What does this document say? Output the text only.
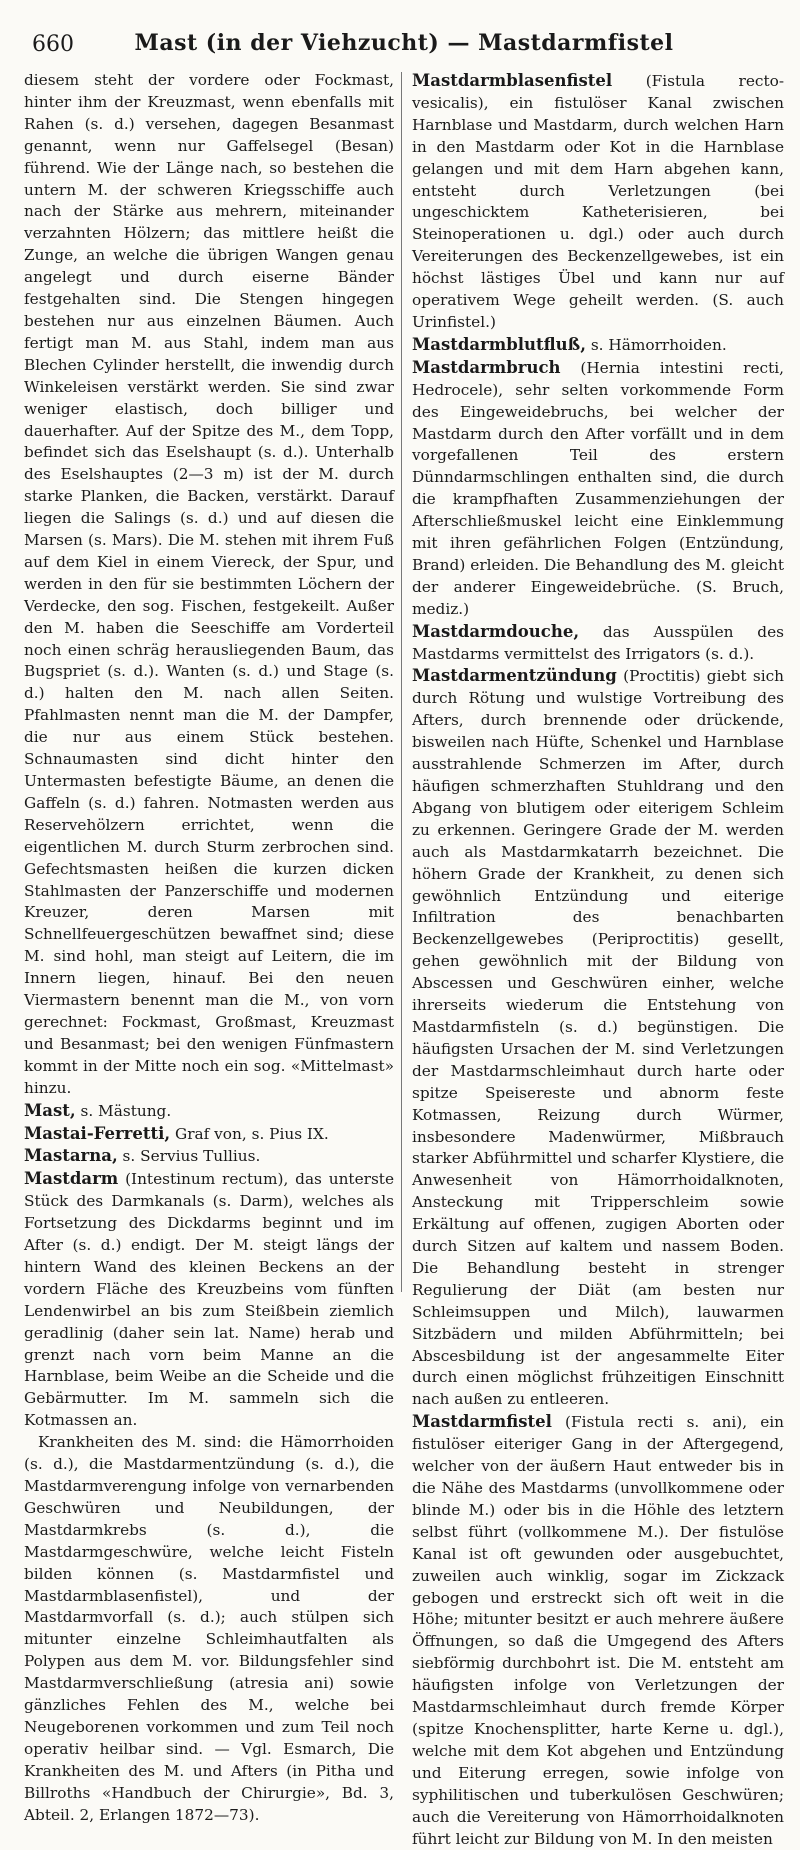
660	Mast (in der Viehzucht) — Mastdarmfistel

diesem steht der vordere oder Fockmast, hinter ihm der Kreuzmast, wenn ebenfalls mit Rahen (s. d.) versehen, dagegen Besanmast genannt, wenn nur Gaffelsegel (Besan) führend. Wie der Länge nach, so bestehen die untern M. der schweren Kriegsschiffe auch nach der Stärke aus mehrern, miteinander verzahnten Hölzern; das mittlere heißt die Zunge, an welche die übrigen Wangen genau angelegt und durch eiserne Bänder festgehalten sind. Die Stengen hingegen bestehen nur aus einzelnen Bäumen. Auch fertigt man M. aus Stahl, indem man aus Blechen Cylinder herstellt, die inwendig durch Winkeleisen verstärkt werden. Sie sind zwar weniger elastisch, doch billiger und dauerhafter. Auf der Spitze des M., dem Topp, befindet sich das Eselshaupt (s. d.). Unterhalb des Eselshauptes (2—3 m) ist der M. durch starke Planken, die Backen, verstärkt. Darauf liegen die Salings (s. d.) und auf diesen die Marsen (s. Mars). Die M. stehen mit ihrem Fuß auf dem Kiel in einem Viereck, der Spur, und werden in den für sie bestimmten Löchern der Verdecke, den sog. Fischen, festgekeilt. Außer den M. haben die Seeschiffe am Vorderteil noch einen schräg herausliegenden Baum, das Bugspriet (s. d.). Wanten (s. d.) und Stage (s. d.) halten den M. nach allen Seiten. Pfahlmasten nennt man die M. der Dampfer, die nur aus einem Stück bestehen. Schnaumasten sind dicht hinter den Untermasten befestigte Bäume, an denen die Gaffeln (s. d.) fahren. Notmasten werden aus Reservehölzern errichtet, wenn die eigentlichen M. durch Sturm zerbrochen sind. Gefechtsmasten heißen die kurzen dicken Stahlmasten der Panzerschiffe und modernen Kreuzer, deren Marsen mit Schnellfeuergeschützen bewaffnet sind; diese M. sind hohl, man steigt auf Leitern, die im Innern liegen, hinauf. Bei den neuen Viermastern benennt man die M., von vorn gerechnet: Fockmast, Großmast, Kreuzmast und Besanmast; bei den wenigen Fünfmastern kommt in der Mitte noch ein sog. «Mittelmast» hinzu.

Mast, s. Mästung.

Mastai-Ferretti, Graf von, s. Pius IX.

Mastarna, s. Servius Tullius.

Mastdarm (Intestinum rectum), das unterste Stück des Darmkanals (s. Darm), welches als Fortsetzung des Dickdarms beginnt und im After (s. d.) endigt. Der M. steigt längs der hintern Wand des kleinen Beckens an der vordern Fläche des Kreuzbeins vom fünften Lendenwirbel an bis zum Steißbein ziemlich geradlinig (daher sein lat. Name) herab und grenzt nach vorn beim Manne an die Harnblase, beim Weibe an die Scheide und die Gebärmutter. Im M. sammeln sich die Kotmassen an.

Krankheiten des M. sind: die Hämorrhoiden (s. d.), die Mastdarmentzündung (s. d.), die Mastdarmverengung infolge von vernarbenden Geschwüren und Neubildungen, der Mastdarmkrebs (s. d.), die Mastdarmgeschwüre, welche leicht Fisteln bilden können (s. Mastdarmfistel und Mastdarmblasenfistel), und der Mastdarmvorfall (s. d.); auch stülpen sich mitunter einzelne Schleimhautfalten als Polypen aus dem M. vor. Bildungsfehler sind Mastdarmverschließung (atresia ani) sowie gänzliches Fehlen des M., welche bei Neugeborenen vorkommen und zum Teil noch operativ heilbar sind. — Vgl. Esmarch, Die Krankheiten des M. und Afters (in Pitha und Billroths «Handbuch der Chirurgie», Bd. 3, Abteil. 2, Erlangen 1872—73).

Mastdarmblasenfistel (Fistula recto-vesicalis), ein fistulöser Kanal zwischen Harnblase und Mastdarm, durch welchen Harn in den Mastdarm oder Kot in die Harnblase gelangen und mit dem Harn abgehen kann, entsteht durch Verletzungen (bei ungeschicktem Katheterisieren, bei Steinoperationen u. dgl.) oder auch durch Vereiterungen des Beckenzellgewebes, ist ein höchst lästiges Übel und kann nur auf operativem Wege geheilt werden. (S. auch Urinfistel.)

Mastdarmblutfluß, s. Hämorrhoiden.

Mastdarmbruch (Hernia intestini recti, Hedrocele), sehr selten vorkommende Form des Eingeweidebruchs, bei welcher der Mastdarm durch den After vorfällt und in dem vorgefallenen Teil des erstern Dünndarmschlingen enthalten sind, die durch die krampfhaften Zusammenziehungen der Afterschließmuskel leicht eine Einklemmung mit ihren gefährlichen Folgen (Entzündung, Brand) erleiden. Die Behandlung des M. gleicht der anderer Eingeweidebrüche. (S. Bruch, mediz.)

Mastdarmdouche, das Ausspülen des Mastdarms vermittelst des Irrigators (s. d.).

Mastdarmentzündung (Proctitis) giebt sich durch Rötung und wulstige Vortreibung des Afters, durch brennende oder drückende, bisweilen nach Hüfte, Schenkel und Harnblase ausstrahlende Schmerzen im After, durch häufigen schmerzhaften Stuhldrang und den Abgang von blutigem oder eiterigem Schleim zu erkennen. Geringere Grade der M. werden auch als Mastdarmkatarrh bezeichnet. Die höhern Grade der Krankheit, zu denen sich gewöhnlich Entzündung und eiterige Infiltration des benachbarten Beckenzellgewebes (Periproctitis) gesellt, gehen gewöhnlich mit der Bildung von Abscessen und Geschwüren einher, welche ihrerseits wiederum die Entstehung von Mastdarmfisteln (s. d.) begünstigen. Die häufigsten Ursachen der M. sind Verletzungen der Mastdarmschleimhaut durch harte oder spitze Speisereste und abnorm feste Kotmassen, Reizung durch Würmer, insbesondere Madenwürmer, Mißbrauch starker Abführmittel und scharfer Klystiere, die Anwesenheit von Hämorrhoidalknoten, Ansteckung mit Tripperschleim sowie Erkältung auf offenen, zugigen Aborten oder durch Sitzen auf kaltem und nassem Boden. Die Behandlung besteht in strenger Regulierung der Diät (am besten nur Schleimsuppen und Milch), lauwarmen Sitzbädern und milden Abführmitteln; bei Abscesbildung ist der angesammelte Eiter durch einen möglichst frühzeitigen Einschnitt nach außen zu entleeren.

Mastdarmfistel (Fistula recti s. ani), ein fistulöser eiteriger Gang in der Aftergegend, welcher von der äußern Haut entweder bis in die Nähe des Mastdarms (unvollkommene oder blinde M.) oder bis in die Höhle des letztern selbst führt (vollkommene M.). Der fistulöse Kanal ist oft gewunden oder ausgebuchtet, zuweilen auch winklig, sogar im Zickzack gebogen und erstreckt sich oft weit in die Höhe; mitunter besitzt er auch mehrere äußere Öffnungen, so daß die Umgegend des Afters siebförmig durchbohrt ist. Die M. entsteht am häufigsten infolge von Verletzungen der Mastdarmschleimhaut durch fremde Körper (spitze Knochensplitter, harte Kerne u. dgl.), welche mit dem Kot abgehen und Entzündung und Eiterung erregen, sowie infolge von syphilitischen und tuberkulösen Geschwüren; auch die Vereiterung von Hämorrhoidalknoten führt leicht zur Bildung von M. In den meisten
